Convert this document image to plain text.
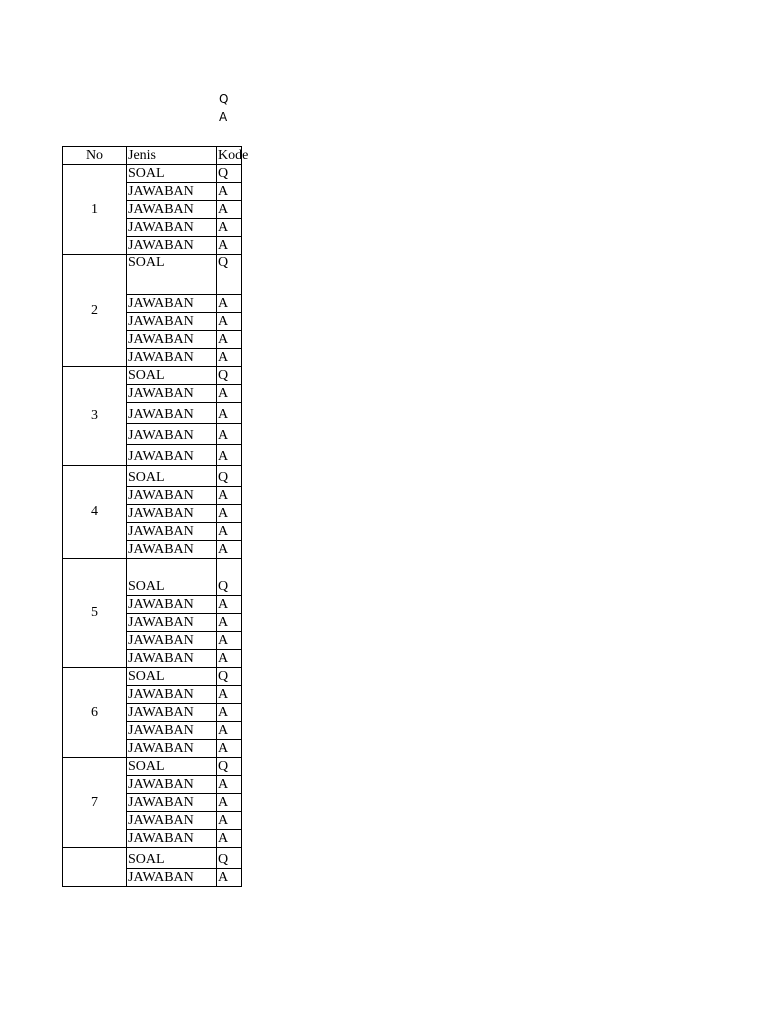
Q
A
No	Jenis	Kode
1	SOAL	Q
	JAWABAN	A
	JAWABAN	A
	JAWABAN	A
	JAWABAN	A
2	SOAL	Q
	JAWABAN	A
	JAWABAN	A
	JAWABAN	A
	JAWABAN	A
3	SOAL	Q
	JAWABAN	A
	JAWABAN	A
	JAWABAN	A
	JAWABAN	A
4	SOAL	Q
	JAWABAN	A
	JAWABAN	A
	JAWABAN	A
	JAWABAN	A
5	SOAL	Q
	JAWABAN	A
	JAWABAN	A
	JAWABAN	A
	JAWABAN	A
6	SOAL	Q
	JAWABAN	A
	JAWABAN	A
	JAWABAN	A
	JAWABAN	A
7	SOAL	Q
	JAWABAN	A
	JAWABAN	A
	JAWABAN	A
	JAWABAN	A
	SOAL	Q
	JAWABAN	A
